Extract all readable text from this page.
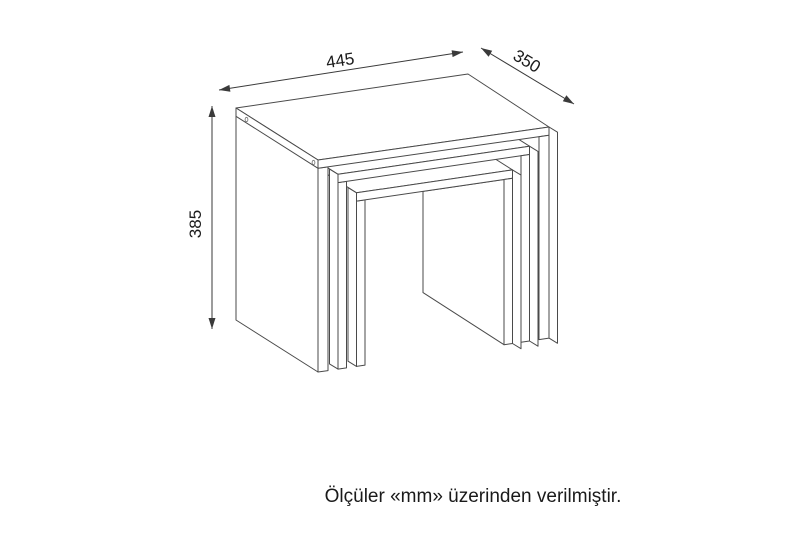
445	350
385
Ölçüler «mm» üzerinden verilmiştir.
